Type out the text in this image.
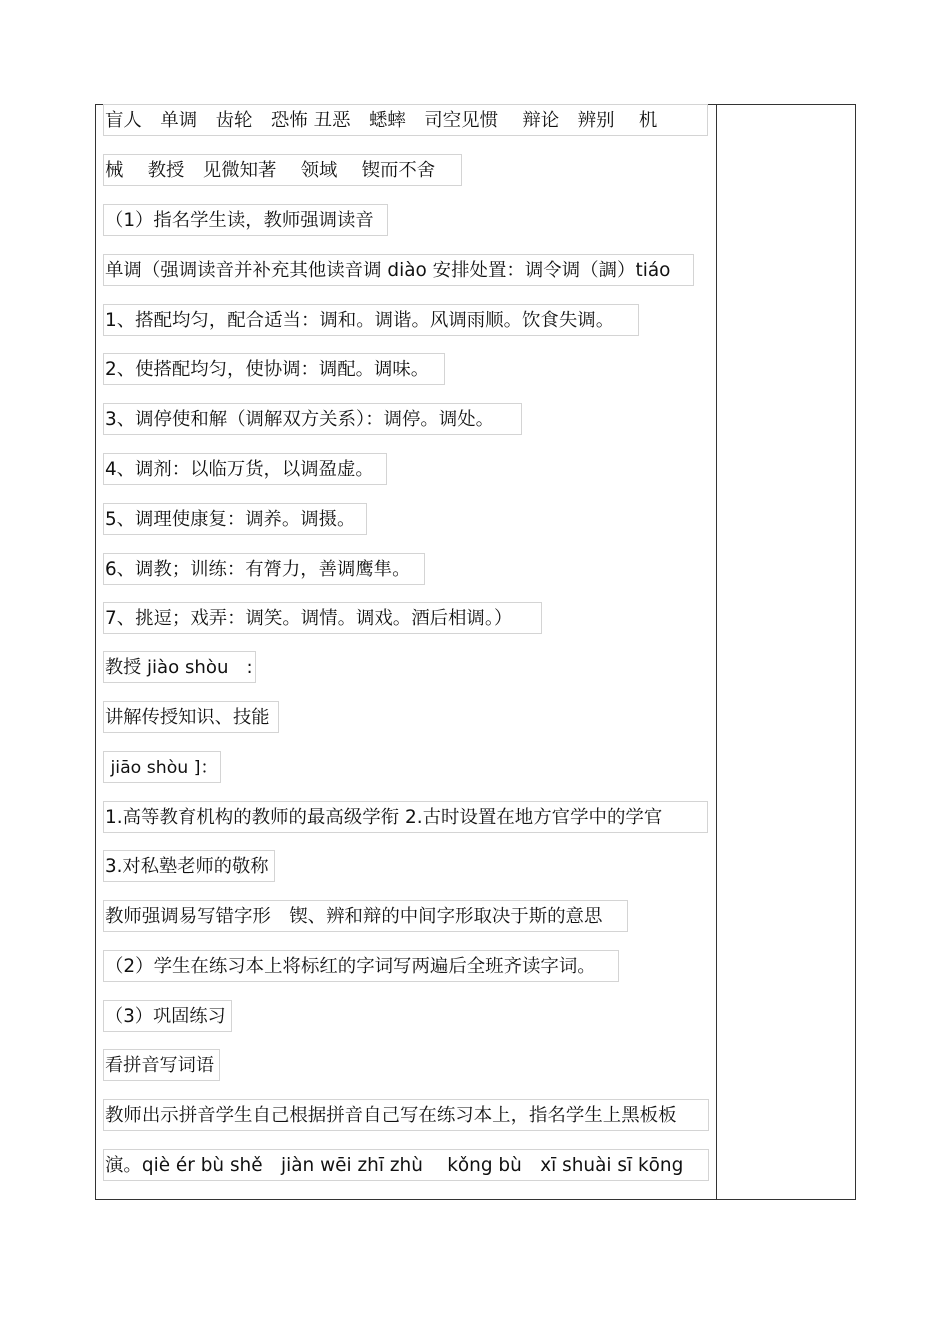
盲人　单调　齿轮　恐怖 丑恶　蟋蟀　司空见惯　 辩论　辨别　 机
械　 教授　见微知著　 领域　 锲而不舍
（1）指名学生读，教师强调读音
单调（强调读音并补充其他读音调 diào 安排处置：调令调（調）tiáo
1、搭配均匀，配合适当：调和。调谐。风调雨顺。饮食失调。
2、使搭配均匀，使协调：调配。调味。
3、调停使和解（调解双方关系）：调停。调处。
4、调剂：以临万货，以调盈虚。
5、调理使康复：调养。调摄。
6、调教；训练：有膂力，善调鹰隼。
7、挑逗；戏弄：调笑。调情。调戏。酒后相调。）
教授 jiào shòu　:
讲解传授知识、技能
jiāo shòu ]：
1.高等教育机构的教师的最高级学衔 2.古时设置在地方官学中的学官
3.对私塾老师的敬称
教师强调易写错字形　锲、辨和辩的中间字形取决于斯的意思
（2）学生在练习本上将标红的字词写两遍后全班齐读字词。
（3）巩固练习
看拼音写词语
教师出示拼音学生自己根据拼音自己写在练习本上，指名学生上黑板板
演。qiè ér bù shě　jiàn wēi zhī zhù　 kǒng bù　xī shuài sī kōng
